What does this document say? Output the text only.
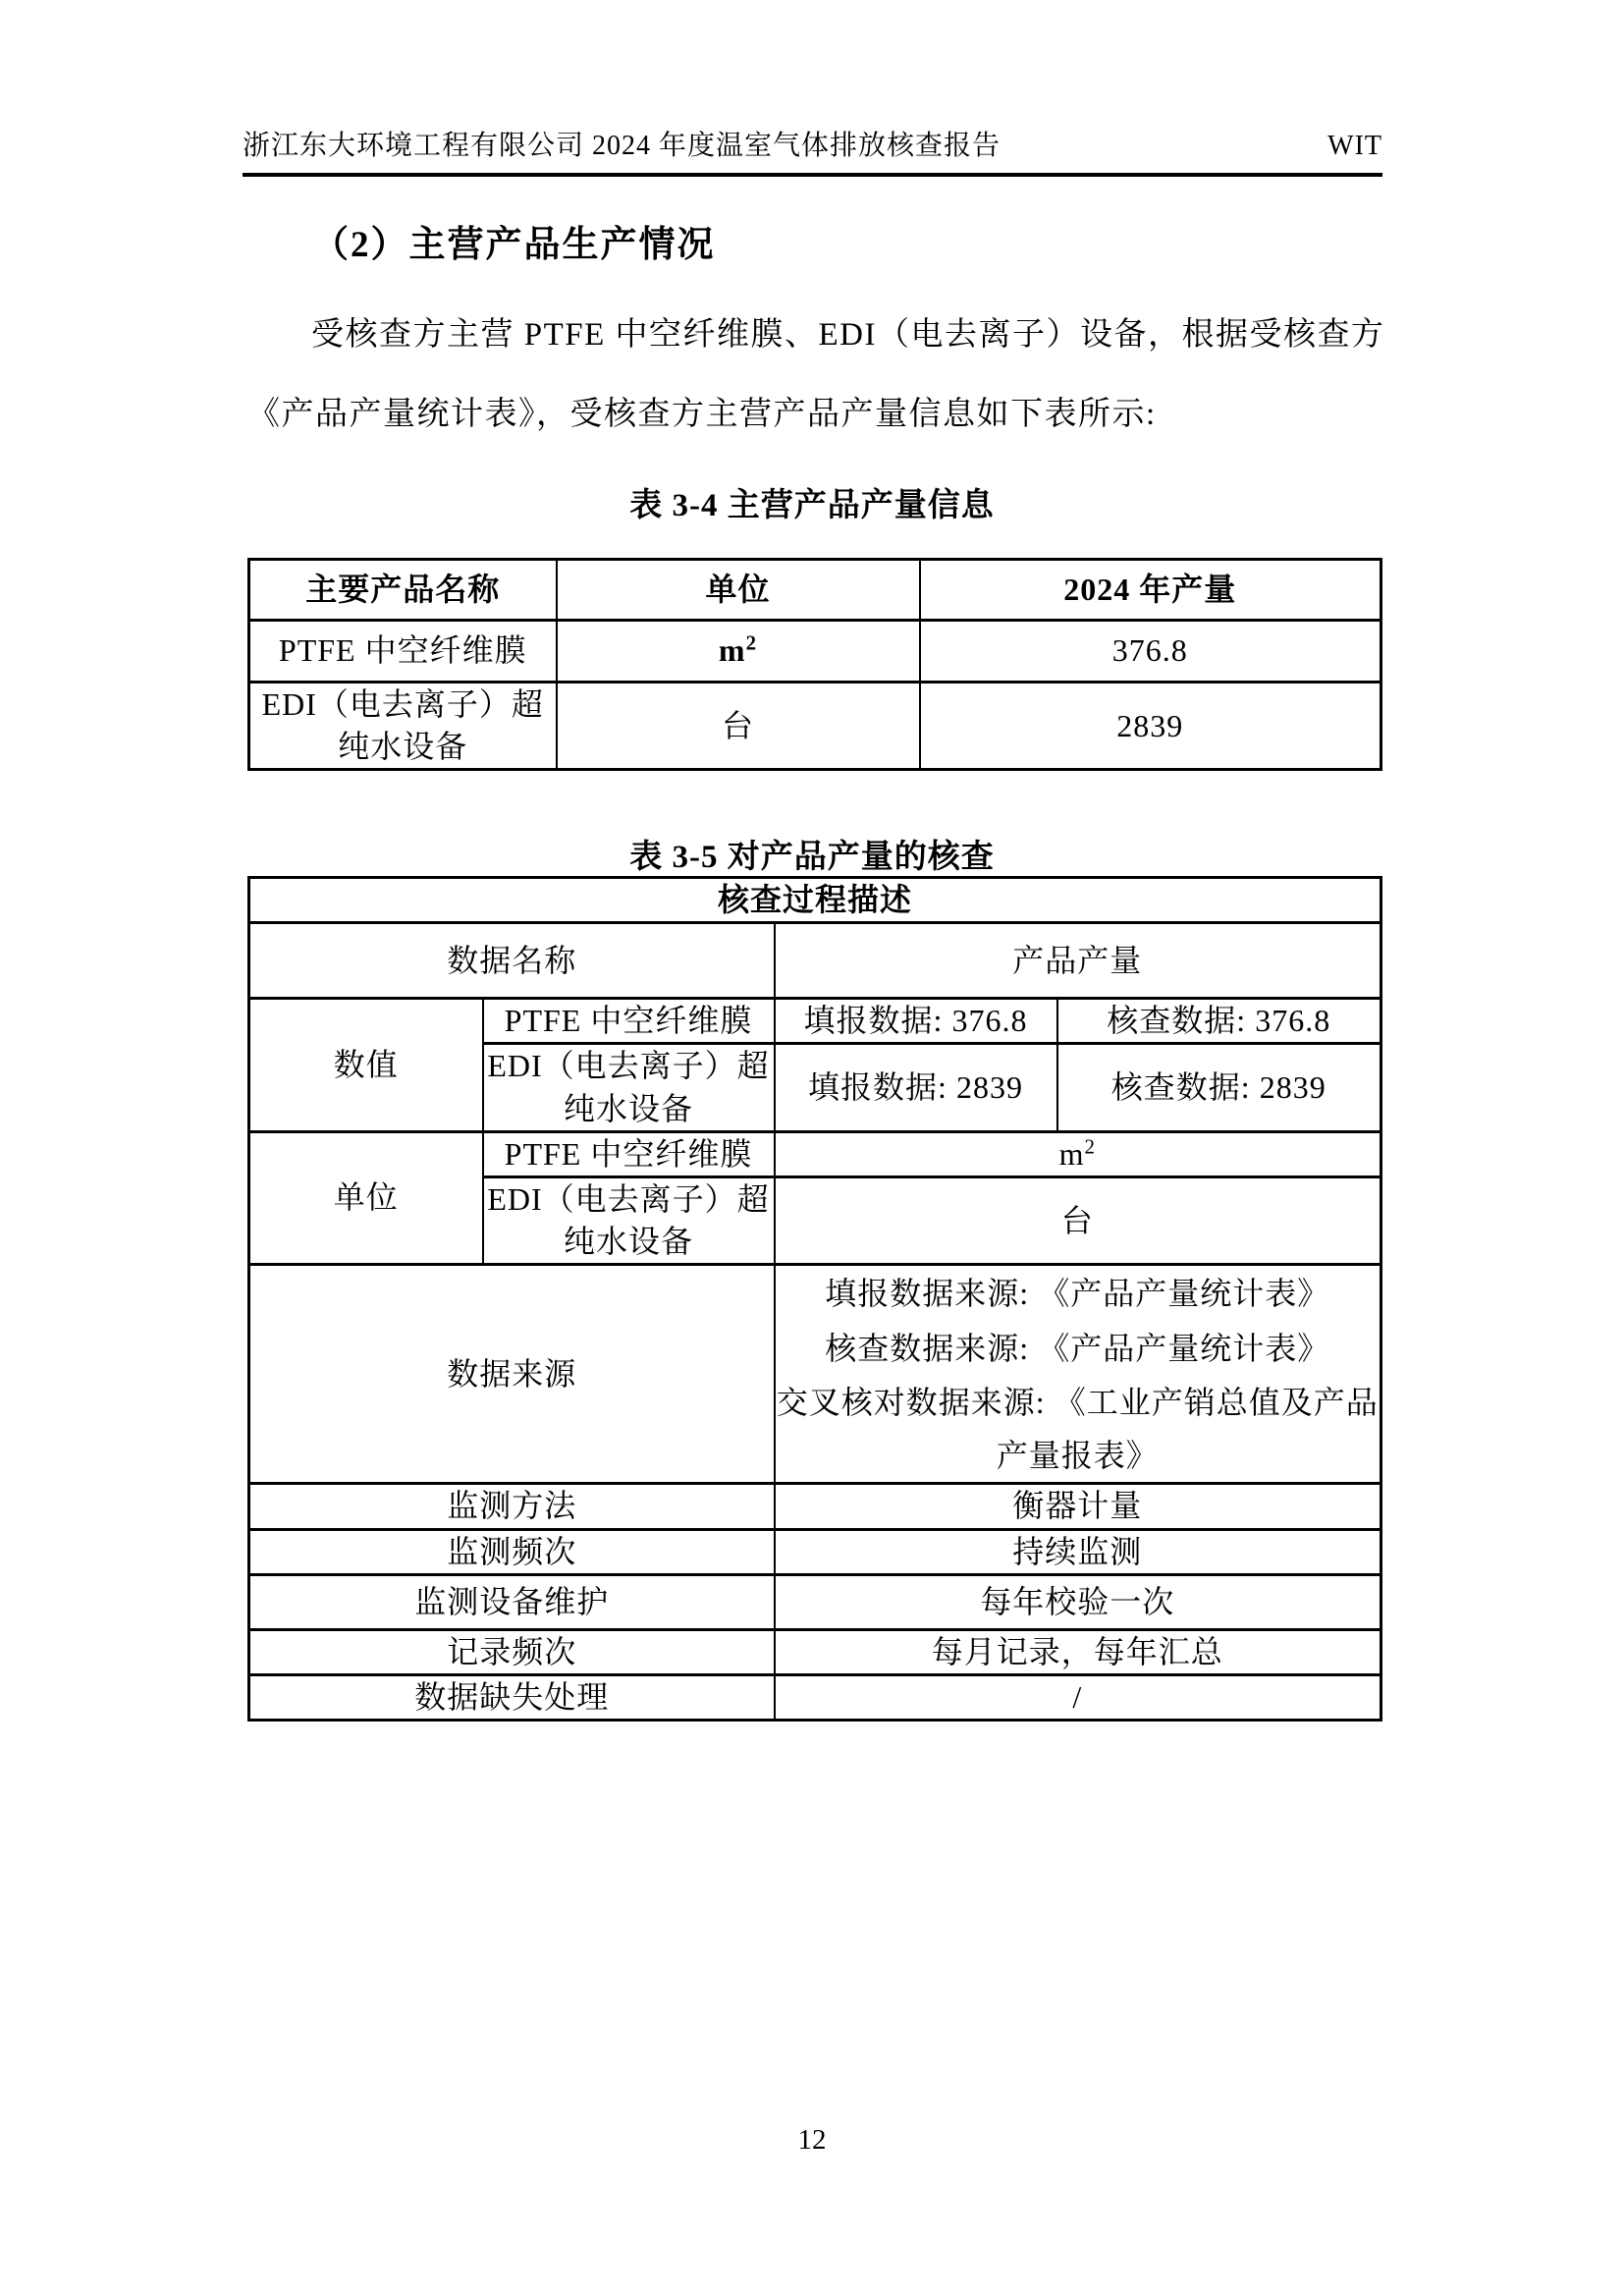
浙江东大环境工程有限公司 2024 年度温室气体排放核查报告	WIT
（2）主营产品生产情况
受核查方主营 PTFE 中空纤维膜、EDI（电去离子）设备，根据受核查方
《产品产量统计表》，受核查方主营产品产量信息如下表所示:
表 3-4 主营产品产量信息
主要产品名称	单位	2024 年产量
PTFE 中空纤维膜	$m^2$	376.8
EDI（电去离子）超纯水设备	台	2839
表 3-5 对产品产量的核查
核查过程描述			
数据名称		产品产量	
数值	PTFE 中空纤维膜	填报数据: 376.8	核查数据: 376.8
	EDI（电去离子）超纯水设备	填报数据: 2839	核查数据: 2839
单位	PTFE 中空纤维膜	$m^2$
	EDI（电去离子）超纯水设备	台	
数据来源		填报数据来源: 《产品产量统计表》
核查数据来源: 《产品产量统计表》
交叉核对数据来源: 《工业产销总值及产品产量报表》	

监测方法		衡器计量	
监测频次		持续监测	
监测设备维护		每年校验一次	
记录频次		每月记录，每年汇总	
数据缺失处理		/	
12
